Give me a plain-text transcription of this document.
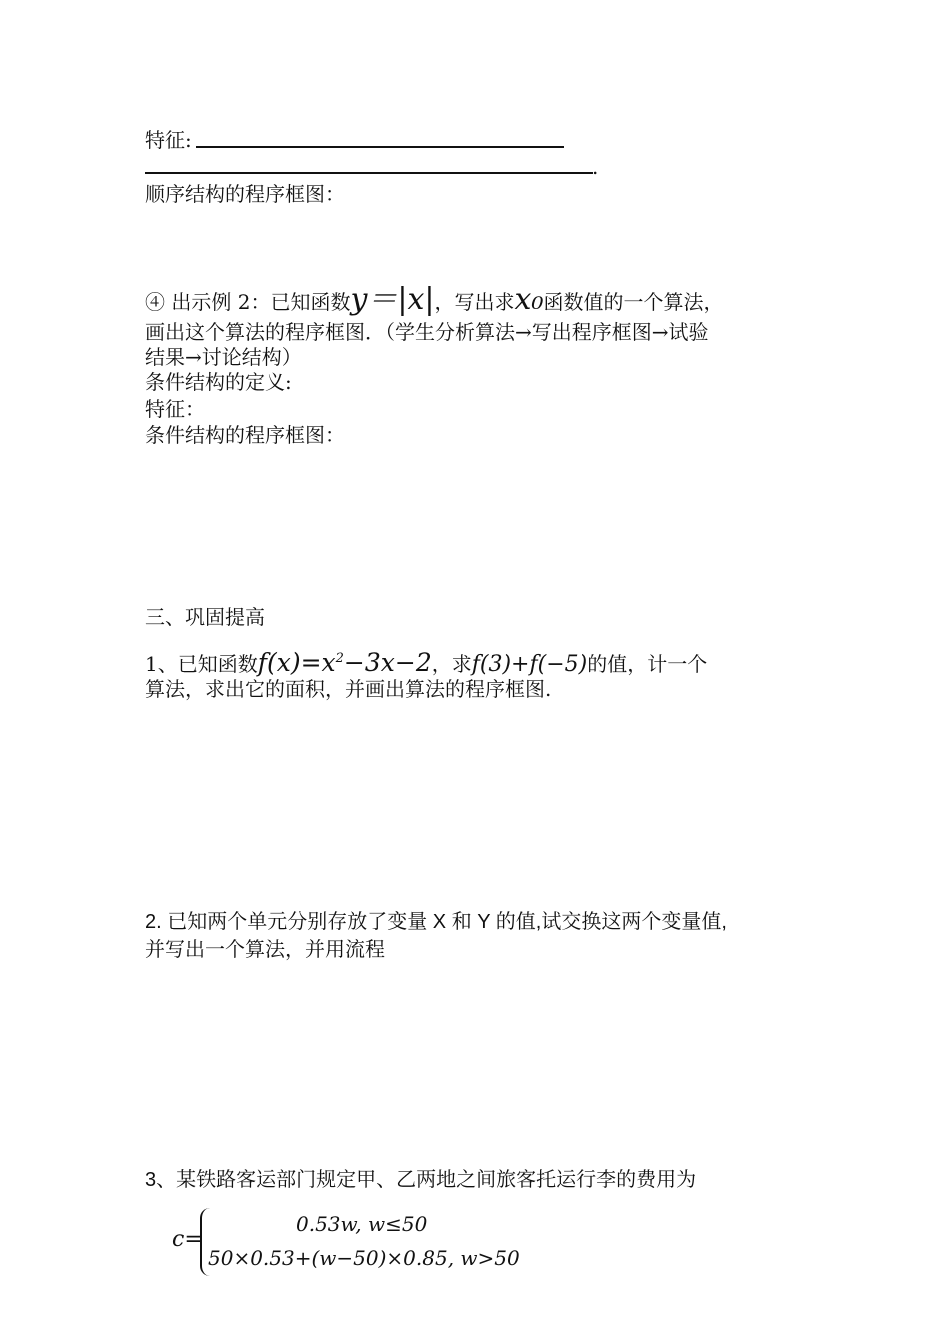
特征:
.
顺序结构的程序框图：
④ 出示例 2：已知函数y＝|x|，写出求x₀函数值的一个算法，
画出这个算法的程序框图．（学生分析算法→写出程序框图→试验
结果→讨论结构）
条件结构的定义:
特征：
条件结构的程序框图：
三、巩固提高
1、已知函数$f(x)=x^2-3x-2$，求f(3)+f(−5)的值，计一个
算法，求出它的面积，并画出算法的程序框图.
2. 已知两个单元分别存放了变量 X 和 Y 的值,试交换这两个变量值,
并写出一个算法，并用流程
3、某铁路客运部门规定甲、乙两地之间旅客托运行李的费用为
c=
0.53w, w≤50
50×0.53+(w−50)×0.85, w>50
